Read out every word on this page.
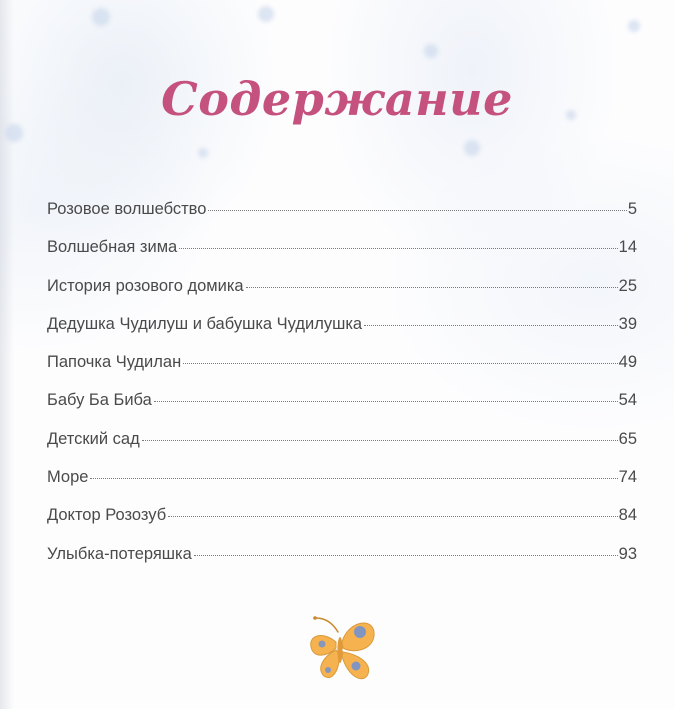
Содержание
Розовое волшебство	5
Волшебная зима	14
История розового домика	25
Дедушка Чудилуш и бабушка Чудилушка	39
Папочка Чудилан	49
Бабу Ба Биба	54
Детский сад	65
Море	74
Доктор Розозуб	84
Улыбка-потеряшка	93
